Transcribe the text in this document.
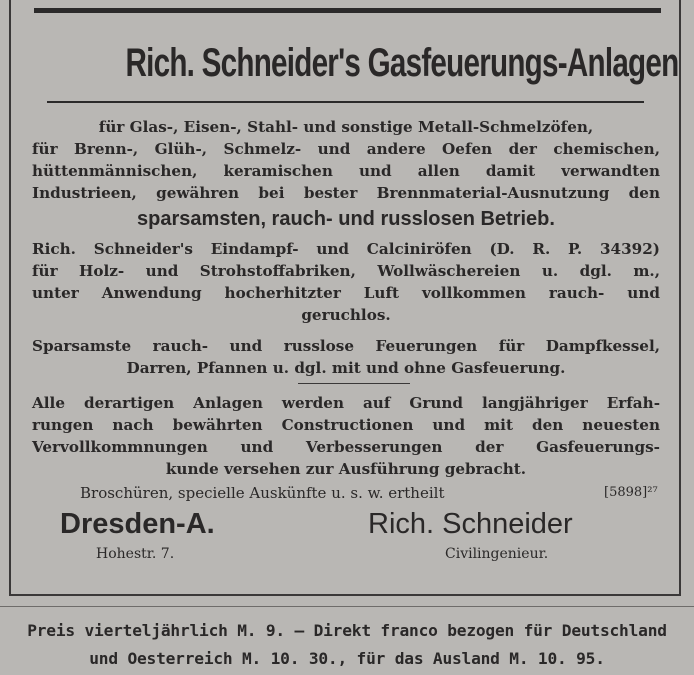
Rich. Schneider's Gasfeuerungs-Anlagen

für Glas-, Eisen-, Stahl- und sonstige Metall-Schmelzöfen,

für Brenn-, Glüh-, Schmelz- und andere Oefen der chemischen,

hüttenmännischen, keramischen und allen damit verwandten

Industrieen, gewähren bei bester Brennmaterial-Ausnutzung den

sparsamsten, rauch- und russlosen Betrieb.

Rich. Schneider's Eindampf- und Calciniröfen (D. R. P. 34392)

für Holz- und Strohstoffabriken, Wollwäschereien u. dgl. m.,

unter Anwendung hocherhitzter Luft vollkommen rauch- und

geruchlos.

Sparsamste rauch- und russlose Feuerungen für Dampfkessel,

Darren, Pfannen u. dgl. mit und ohne Gasfeuerung.

Alle derartigen Anlagen werden auf Grund langjähriger Erfah-

rungen nach bewährten Constructionen und mit den neuesten

Vervollkommnungen und Verbesserungen der Gasfeuerungs-

kunde versehen zur Ausführung gebracht.

Broschüren, specielle Auskünfte u. s. w. ertheilt	[5898]²⁷
Dresden-A.
Hohestr. 7.
Rich. Schneider
Civilingenieur.
Preis vierteljährlich M. 9. — Direkt franco bezogen für Deutschland
und Oesterreich M. 10. 30., für das Ausland M. 10. 95.
